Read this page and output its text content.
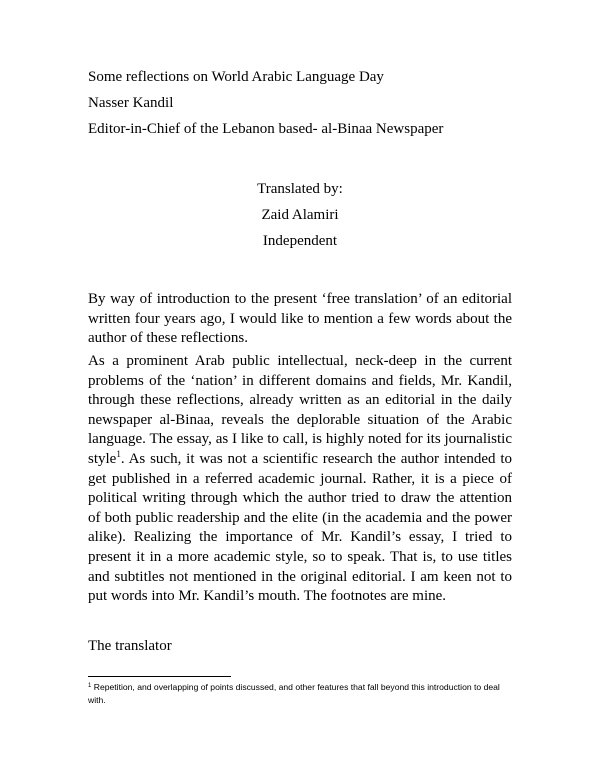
Some reflections on World Arabic Language Day
Nasser Kandil
Editor-in-Chief of the Lebanon based- al-Binaa Newspaper
Translated by:
Zaid Alamiri
Independent

By way of introduction to the present ‘free translation’ of an editorial written four years ago, I would like to mention a few words about the author of these reflections.

As a prominent Arab public intellectual, neck-deep in the current problems of the ‘nation’ in different domains and fields, Mr. Kandil, through these reflections, already written as an editorial in the daily newspaper al-Binaa, reveals the deplorable situation of the Arabic language. The essay, as I like to call, is highly noted for its journalistic style$^1$. As such, it was not a scientific research the author intended to get published in a referred academic journal. Rather, it is a piece of political writing through which the author tried to draw the attention of both public readership and the elite (in the academia and the power alike). Realizing the importance of Mr. Kandil’s essay, I tried to present it in a more academic style, so to speak. That is, to use titles and subtitles not mentioned in the original editorial. I am keen not to put words into Mr. Kandil’s mouth. The footnotes are mine.

The translator

$^1$ Repetition, and overlapping of points discussed, and other features that fall beyond this introduction to deal with.
